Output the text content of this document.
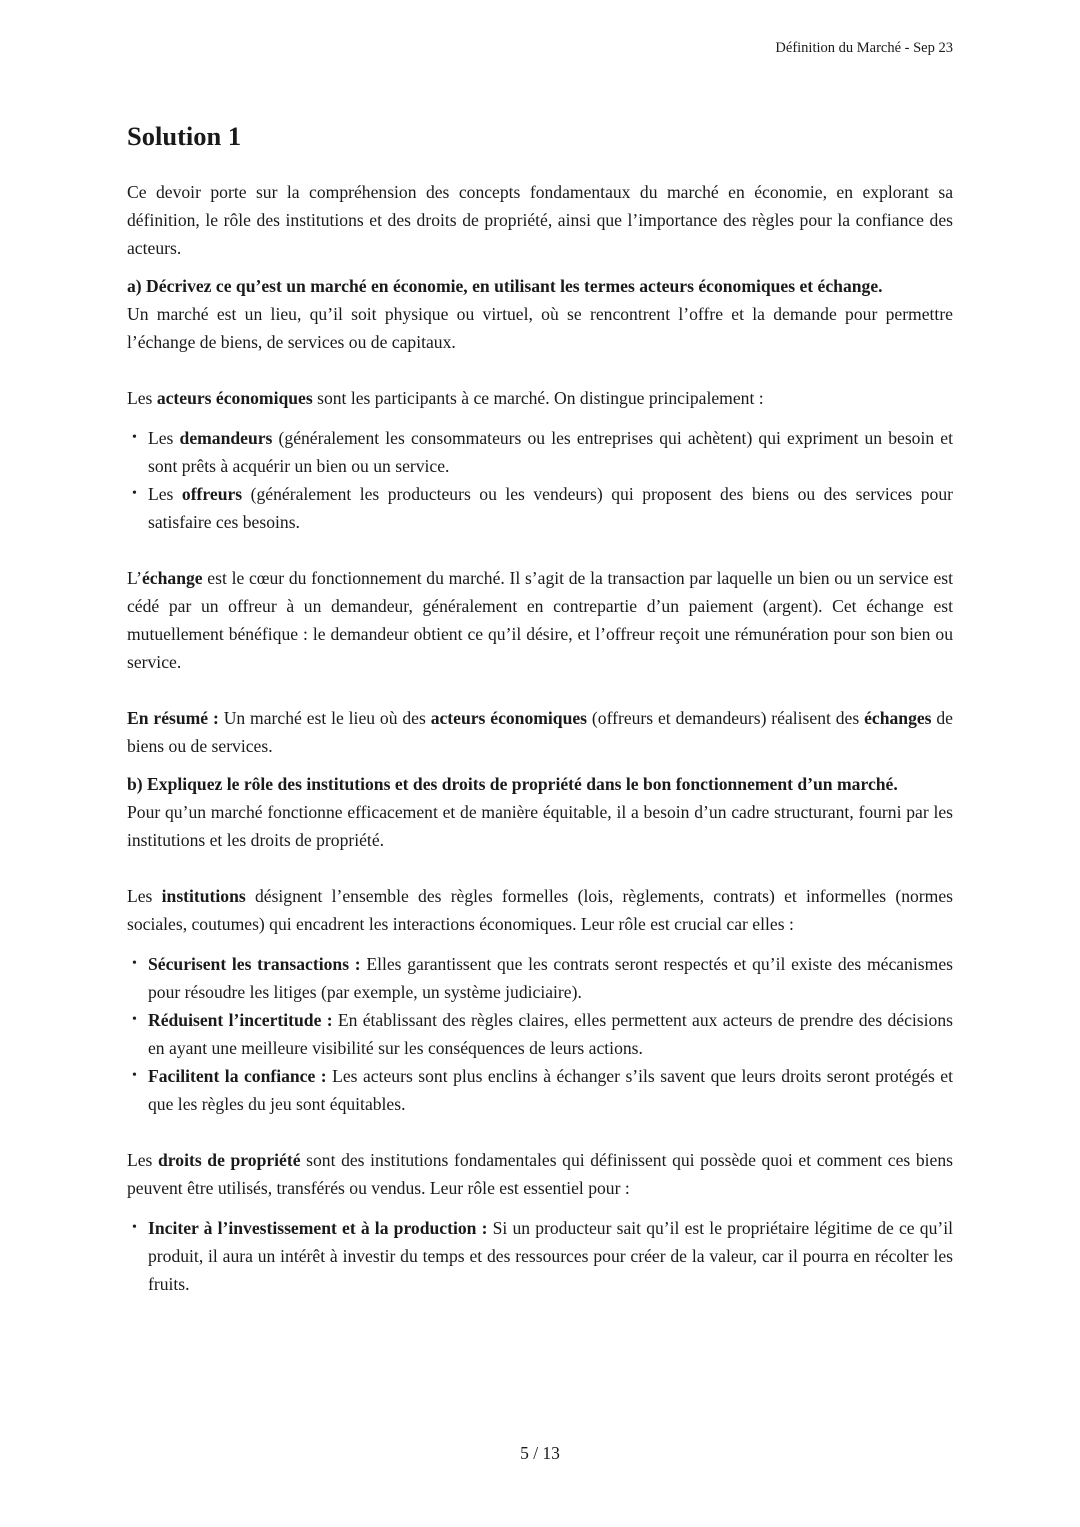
Définition du Marché - Sep 23
Solution 1

Ce devoir porte sur la compréhension des concepts fondamentaux du marché en économie, en explorant sa définition, le rôle des institutions et des droits de propriété, ainsi que l’importance des règles pour la confiance des acteurs.

a) Décrivez ce qu’est un marché en économie, en utilisant les termes acteurs économiques et échange.

Un marché est un lieu, qu’il soit physique ou virtuel, où se rencontrent l’offre et la demande pour permettre l’échange de biens, de services ou de capitaux.

Les acteurs économiques sont les participants à ce marché. On distingue principalement :

• Les demandeurs (généralement les consommateurs ou les entreprises qui achètent) qui expriment un besoin et sont prêts à acquérir un bien ou un service.
• Les offreurs (généralement les producteurs ou les vendeurs) qui proposent des biens ou des services pour satisfaire ces besoins.

L’échange est le cœur du fonctionnement du marché. Il s’agit de la transaction par laquelle un bien ou un service est cédé par un offreur à un demandeur, généralement en contrepartie d’un paiement (argent). Cet échange est mutuellement bénéfique : le demandeur obtient ce qu’il désire, et l’offreur reçoit une rémunération pour son bien ou service.

En résumé : Un marché est le lieu où des acteurs économiques (offreurs et demandeurs) réalisent des échanges de biens ou de services.

b) Expliquez le rôle des institutions et des droits de propriété dans le bon fonctionnement d’un marché.

Pour qu’un marché fonctionne efficacement et de manière équitable, il a besoin d’un cadre structurant, fourni par les institutions et les droits de propriété.

Les institutions désignent l’ensemble des règles formelles (lois, règlements, contrats) et informelles (normes sociales, coutumes) qui encadrent les interactions économiques. Leur rôle est crucial car elles :

• Sécurisent les transactions : Elles garantissent que les contrats seront respectés et qu’il existe des mécanismes pour résoudre les litiges (par exemple, un système judiciaire).
• Réduisent l’incertitude : En établissant des règles claires, elles permettent aux acteurs de prendre des décisions en ayant une meilleure visibilité sur les conséquences de leurs actions.
• Facilitent la confiance : Les acteurs sont plus enclins à échanger s’ils savent que leurs droits seront protégés et que les règles du jeu sont équitables.

Les droits de propriété sont des institutions fondamentales qui définissent qui possède quoi et comment ces biens peuvent être utilisés, transférés ou vendus. Leur rôle est essentiel pour :

• Inciter à l’investissement et à la production : Si un producteur sait qu’il est le propriétaire légitime de ce qu’il produit, il aura un intérêt à investir du temps et des ressources pour créer de la valeur, car il pourra en récolter les fruits.
5 / 13
